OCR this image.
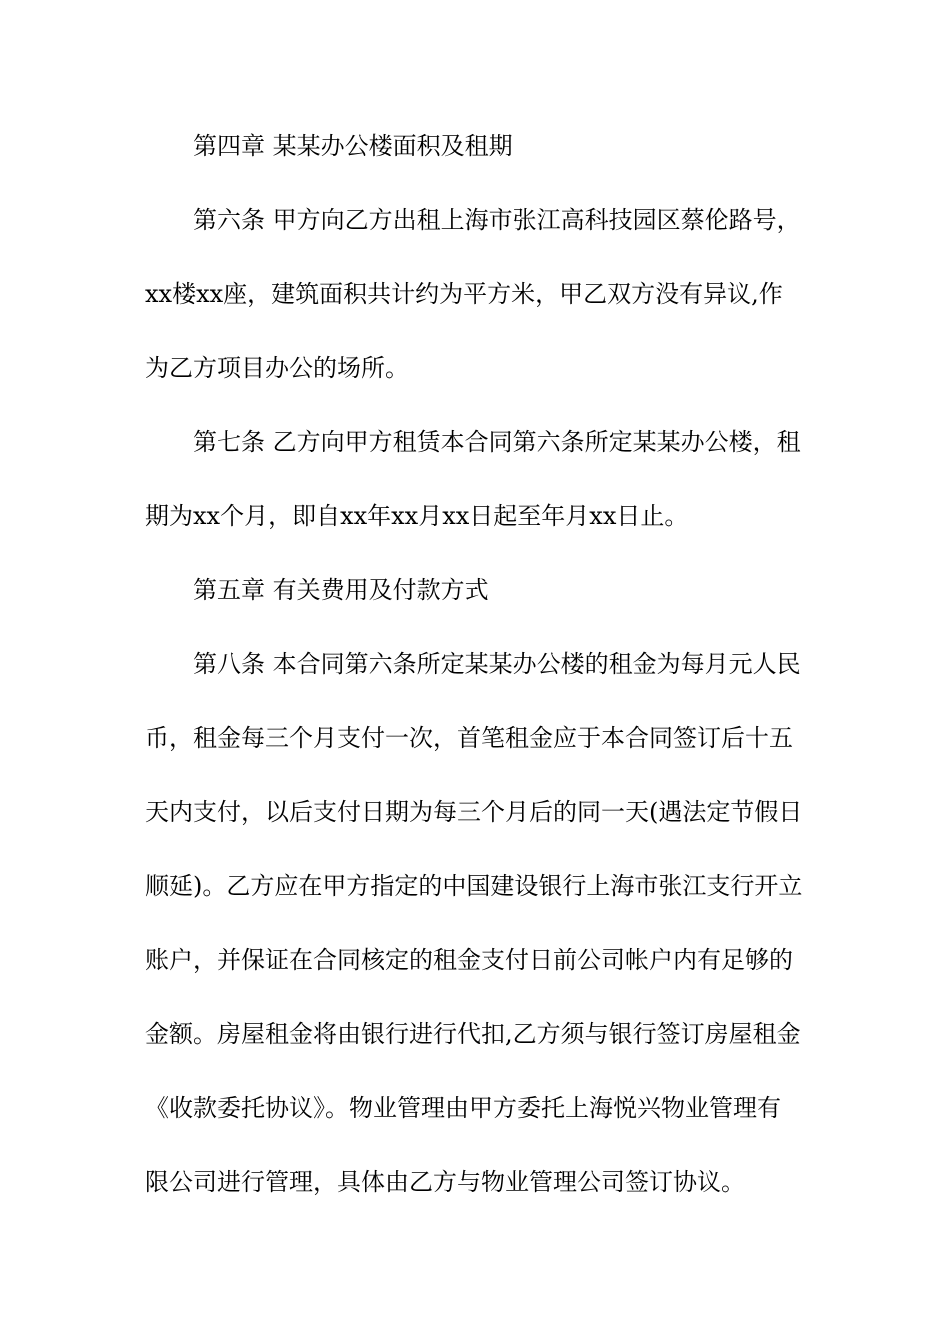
第四章 某某办公楼面积及租期
第六条 甲方向乙方出租上海市张江高科技园区蔡伦路号，
xx楼xx座，建筑面积共计约为平方米，甲乙双方没有异议,作
为乙方项目办公的场所。
第七条 乙方向甲方租赁本合同第六条所定某某办公楼，租
期为xx个月，即自xx年xx月xx日起至年月xx日止。
第五章 有关费用及付款方式
第八条 本合同第六条所定某某办公楼的租金为每月元人民
币，租金每三个月支付一次，首笔租金应于本合同签订后十五
天内支付，以后支付日期为每三个月后的同一天(遇法定节假日
顺延)。乙方应在甲方指定的中国建设银行上海市张江支行开立
账户，并保证在合同核定的租金支付日前公司帐户内有足够的
金额。房屋租金将由银行进行代扣,乙方须与银行签订房屋租金
《收款委托协议》。物业管理由甲方委托上海悦兴物业管理有
限公司进行管理，具体由乙方与物业管理公司签订协议。
